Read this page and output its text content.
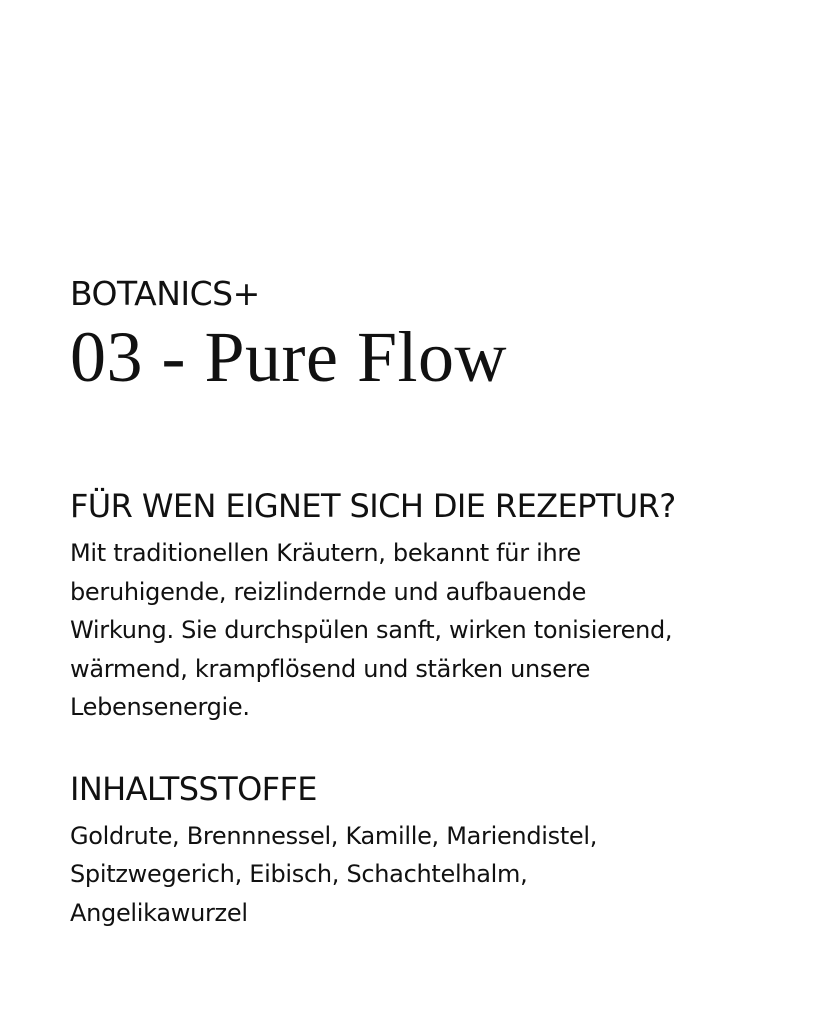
BOTANICS+
03 - Pure Flow
FÜR WEN EIGNET SICH DIE REZEPTUR?

Mit traditionellen Kräutern, bekannt für ihre
beruhigende, reizlindernde und aufbauende
Wirkung. Sie durchspülen sanft, wirken tonisierend,
wärmend, krampflösend und stärken unsere
Lebensenergie.

INHALTSSTOFFE

Goldrute, Brennnessel, Kamille, Mariendistel,
Spitzwegerich, Eibisch, Schachtelhalm,
Angelikawurzel
